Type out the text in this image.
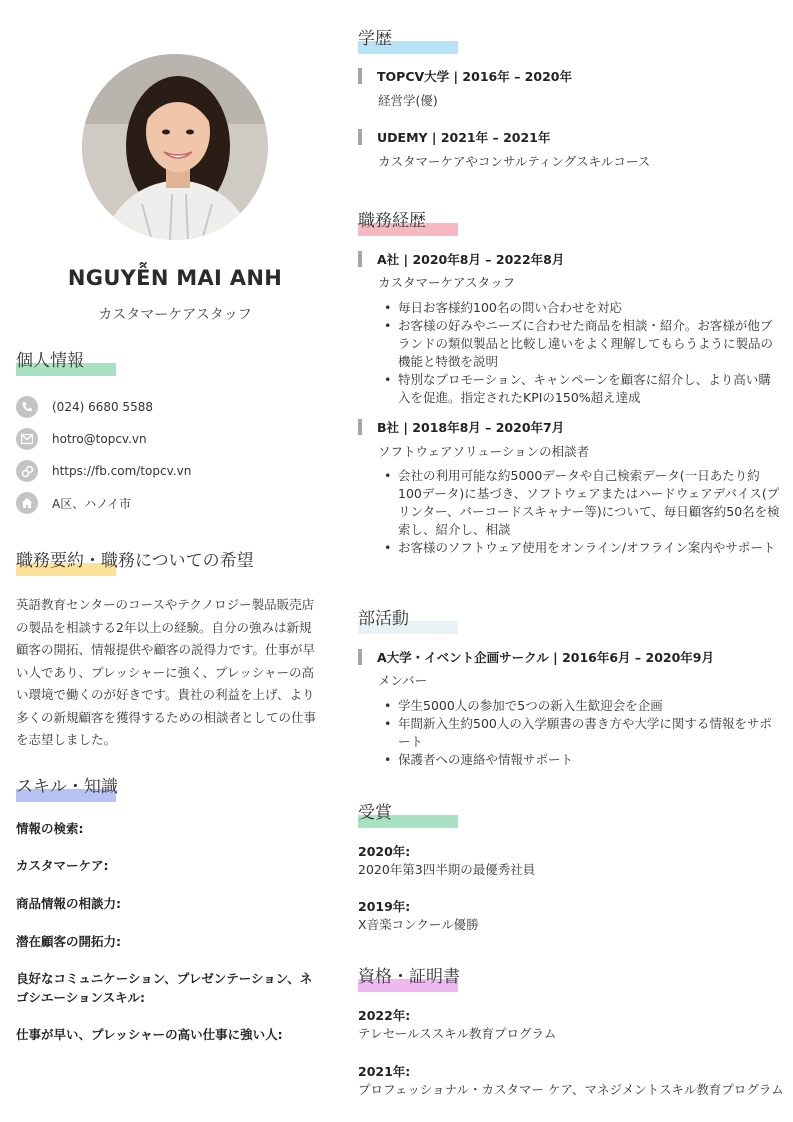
NGUYỄN MAI ANH
カスタマーケアスタッフ
個人情報
(024) 6680 5588
hotro@topcv.vn
https://fb.com/topcv.vn
A区、ハノイ市
職務要約・職務についての希望
英語教育センターのコースやテクノロジー製品販売店の製品を相談する2年以上の経験。自分の強みは新規顧客の開拓、情報提供や顧客の説得力です。仕事が早い人であり、プレッシャーに強く、プレッシャーの高い環境で働くのが好きです。貴社の利益を上げ、より多くの新規顧客を獲得するための相談者としての仕事を志望しました。
スキル・知識
情報の検索:
カスタマーケア:
商品情報の相談力:
潜在顧客の開拓力:
良好なコミュニケーション、プレゼンテーション、ネゴシエーションスキル:
仕事が早い、プレッシャーの高い仕事に強い人:
学歴
TOPCV大学 | 2016年 – 2020年
経営学(優)
UDEMY | 2021年 – 2021年
カスタマーケアやコンサルティングスキルコース
職務経歴
A社 | 2020年8月 – 2022年8月
カスタマーケアスタッフ
• 毎日お客様約100名の問い合わせを対応
• お客様の好みやニーズに合わせた商品を相談・紹介。お客様が他ブランドの類似製品と比較し違いをよく理解してもらうように製品の機能と特徴を説明
• 特別なプロモーション、キャンペーンを顧客に紹介し、より高い購入を促進。指定されたKPIの150%超え達成
B社 | 2018年8月 – 2020年7月
ソフトウェアソリューションの相談者
• 会社の利用可能な約5000データや自己検索データ(一日あたり約100データ)に基づき、ソフトウェアまたはハードウェアデバイス(プリンター、バーコードスキャナー等)について、毎日顧客約50名を検索し、紹介し、相談
• お客様のソフトウェア使用をオンライン/オフライン案内やサポート
部活動
A大学・イベント企画サークル | 2016年6月 – 2020年9月
メンバー
• 学生5000人の参加で5つの新入生歓迎会を企画
• 年間新入生約500人の入学願書の書き方や大学に関する情報をサポート
• 保護者への連絡や情報サポート
受賞
2020年:
2020年第3四半期の最優秀社員
2019年:
X音楽コンクール優勝
資格・証明書
2022年:
テレセールススキル教育プログラム
2021年:
プロフェッショナル・カスタマー ケア、マネジメントスキル教育プログラム
